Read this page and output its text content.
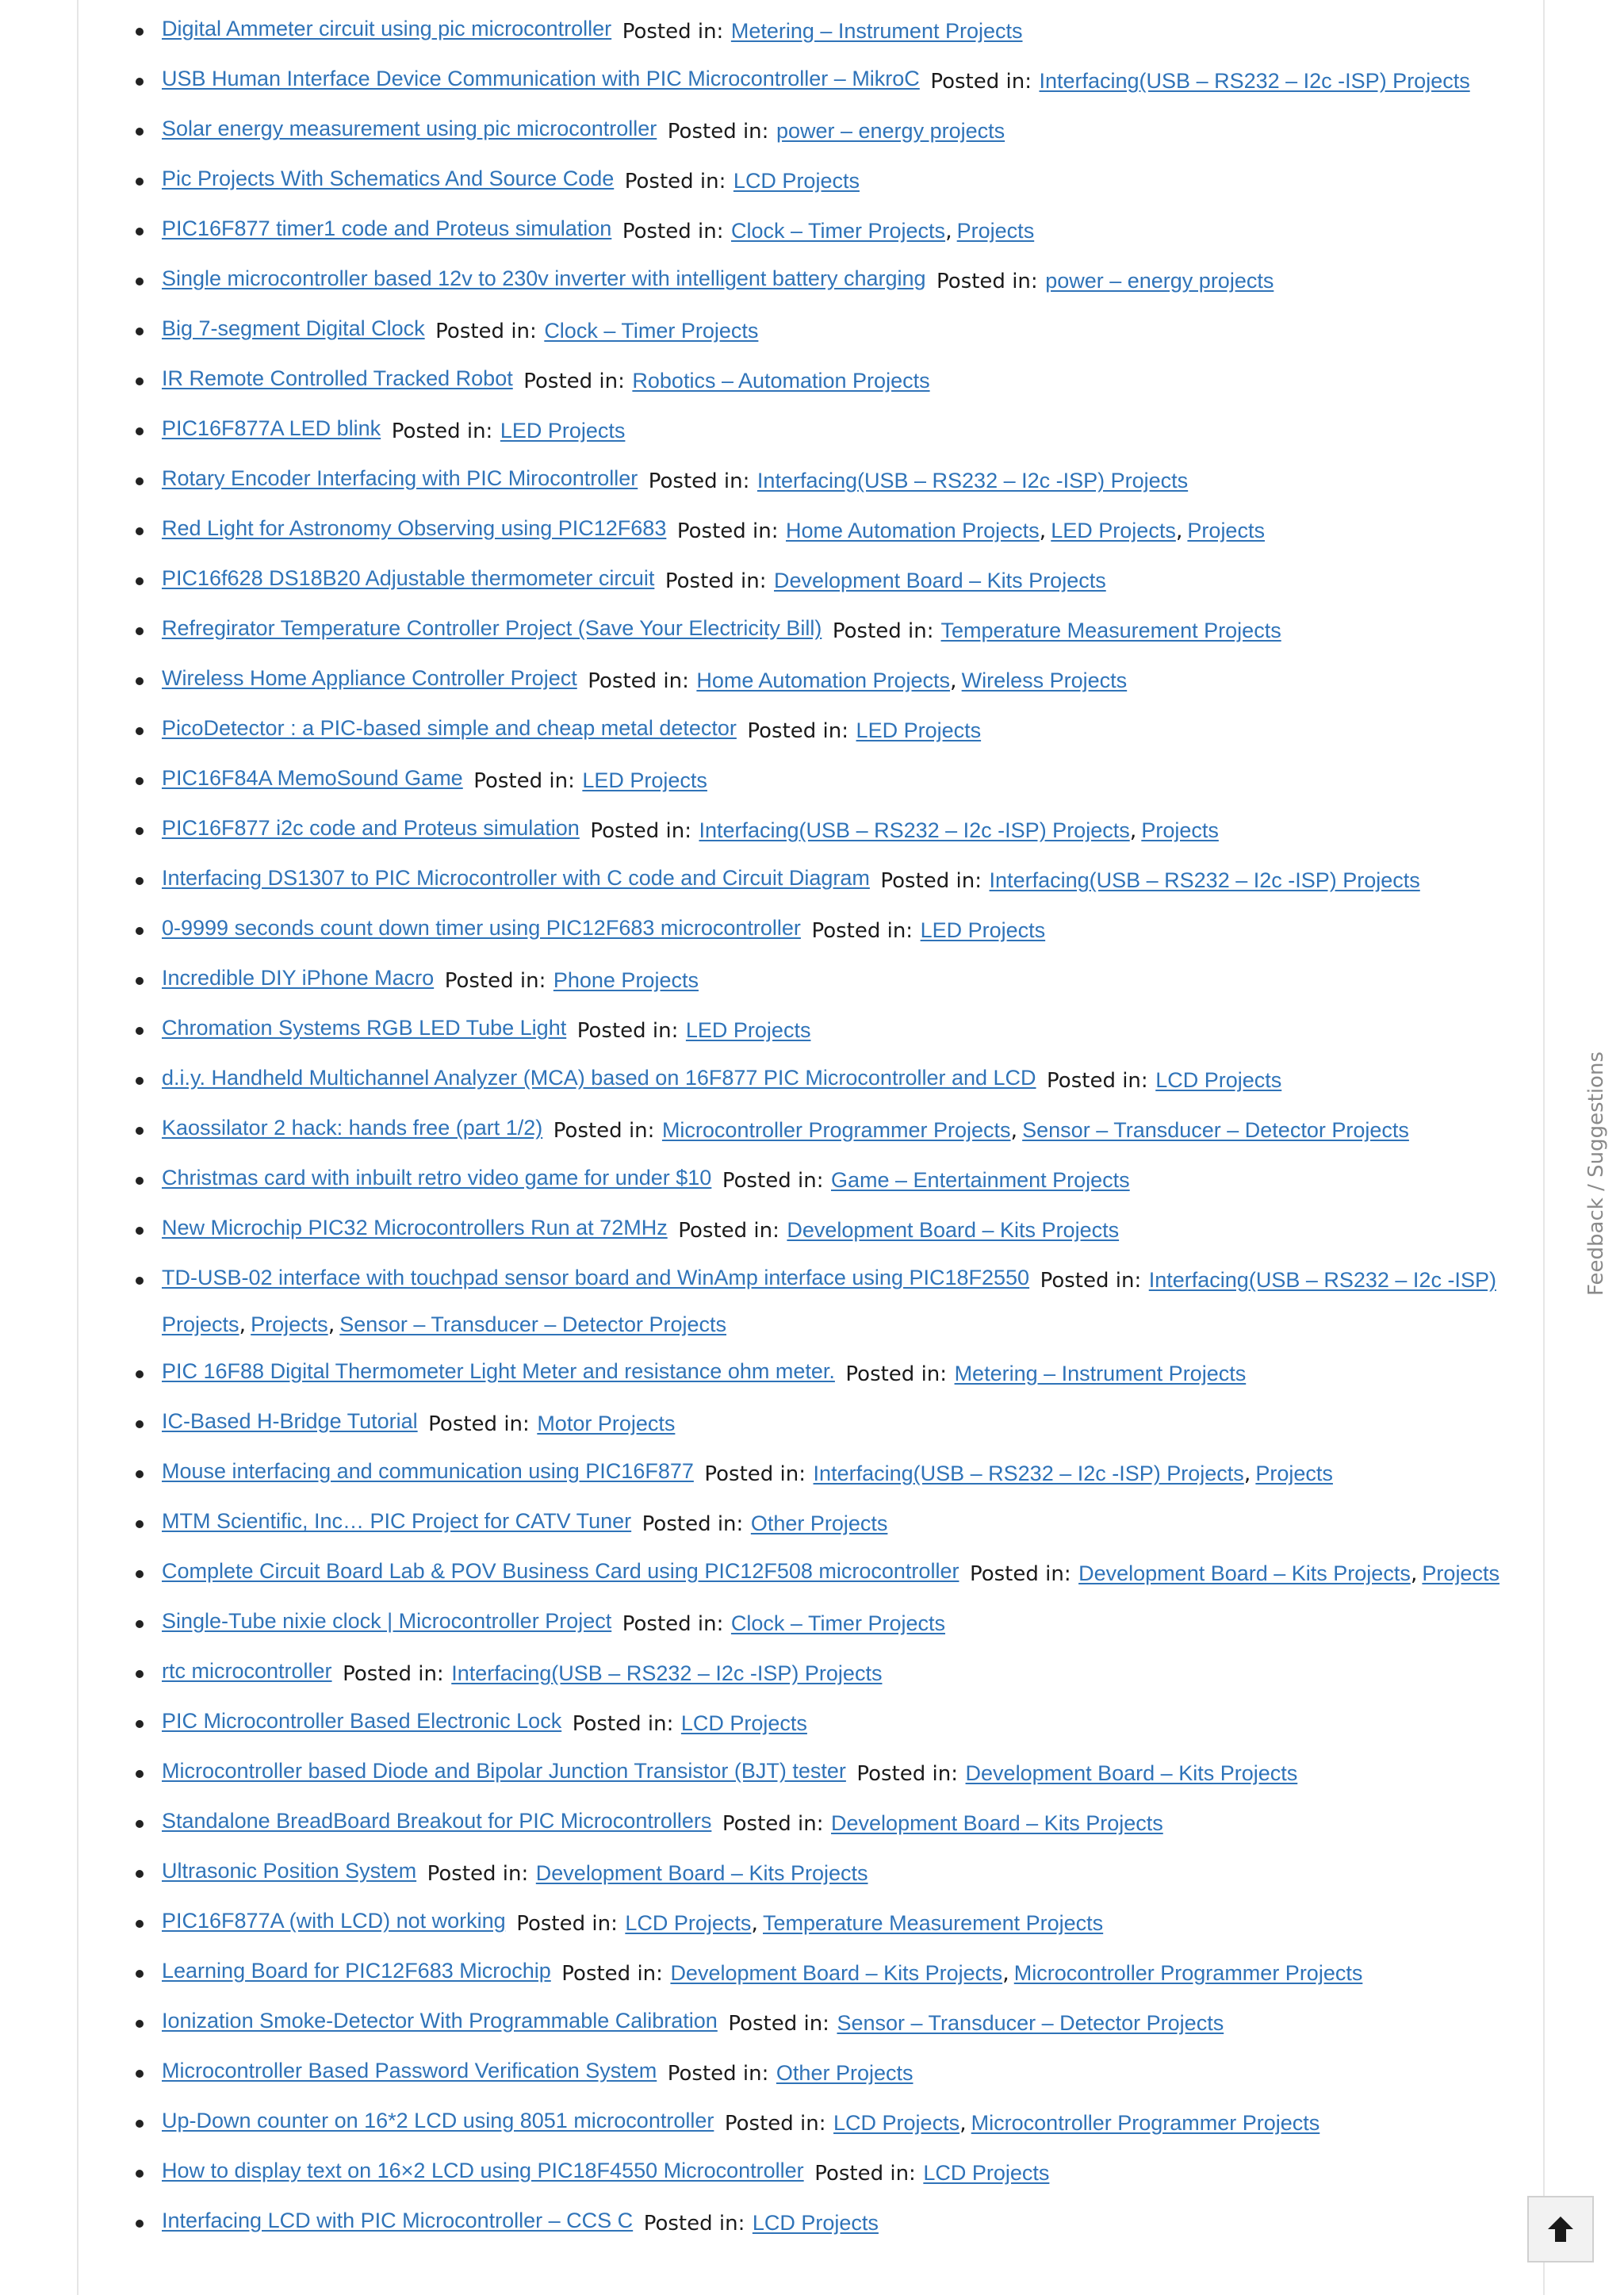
Digital Ammeter circuit using pic microcontroller Posted in: Metering – Instrument Projects
USB Human Interface Device Communication with PIC Microcontroller – MikroC Posted in: Interfacing(USB – RS232 – I2c -ISP) Projects
Solar energy measurement using pic microcontroller Posted in: power – energy projects
Pic Projects With Schematics And Source Code Posted in: LCD Projects
PIC16F877 timer1 code and Proteus simulation Posted in: Clock – Timer Projects, Projects
Single microcontroller based 12v to 230v inverter with intelligent battery charging Posted in: power – energy projects
Big 7-segment Digital Clock Posted in: Clock – Timer Projects
IR Remote Controlled Tracked Robot Posted in: Robotics – Automation Projects
PIC16F877A LED blink Posted in: LED Projects
Rotary Encoder Interfacing with PIC Mirocontroller Posted in: Interfacing(USB – RS232 – I2c -ISP) Projects
Red Light for Astronomy Observing using PIC12F683 Posted in: Home Automation Projects, LED Projects, Projects
PIC16f628 DS18B20 Adjustable thermometer circuit Posted in: Development Board – Kits Projects
Refregirator Temperature Controller Project (Save Your Electricity Bill) Posted in: Temperature Measurement Projects
Wireless Home Appliance Controller Project Posted in: Home Automation Projects, Wireless Projects
PicoDetector : a PIC-based simple and cheap metal detector Posted in: LED Projects
PIC16F84A MemoSound Game Posted in: LED Projects
PIC16F877 i2c code and Proteus simulation Posted in: Interfacing(USB – RS232 – I2c -ISP) Projects, Projects
Interfacing DS1307 to PIC Microcontroller with C code and Circuit Diagram Posted in: Interfacing(USB – RS232 – I2c -ISP) Projects
0-9999 seconds count down timer using PIC12F683 microcontroller Posted in: LED Projects
Incredible DIY iPhone Macro Posted in: Phone Projects
Chromation Systems RGB LED Tube Light Posted in: LED Projects
d.i.y. Handheld Multichannel Analyzer (MCA) based on 16F877 PIC Microcontroller and LCD Posted in: LCD Projects
Kaossilator 2 hack: hands free (part 1/2) Posted in: Microcontroller Programmer Projects, Sensor – Transducer – Detector Projects
Christmas card with inbuilt retro video game for under $10 Posted in: Game – Entertainment Projects
New Microchip PIC32 Microcontrollers Run at 72MHz Posted in: Development Board – Kits Projects
TD-USB-02 interface with touchpad sensor board and WinAmp interface using PIC18F2550 Posted in: Interfacing(USB – RS232 – I2c -ISP) Projects, Projects, Sensor – Transducer – Detector Projects
PIC 16F88 Digital Thermometer Light Meter and resistance ohm meter. Posted in: Metering – Instrument Projects
IC-Based H-Bridge Tutorial Posted in: Motor Projects
Mouse interfacing and communication using PIC16F877 Posted in: Interfacing(USB – RS232 – I2c -ISP) Projects, Projects
MTM Scientific, Inc… PIC Project for CATV Tuner Posted in: Other Projects
Complete Circuit Board Lab & POV Business Card using PIC12F508 microcontroller Posted in: Development Board – Kits Projects, Projects
Single-Tube nixie clock | Microcontroller Project Posted in: Clock – Timer Projects
rtc microcontroller Posted in: Interfacing(USB – RS232 – I2c -ISP) Projects
PIC Microcontroller Based Electronic Lock Posted in: LCD Projects
Microcontroller based Diode and Bipolar Junction Transistor (BJT) tester Posted in: Development Board – Kits Projects
Standalone BreadBoard Breakout for PIC Microcontrollers Posted in: Development Board – Kits Projects
Ultrasonic Position System Posted in: Development Board – Kits Projects
PIC16F877A (with LCD) not working Posted in: LCD Projects, Temperature Measurement Projects
Learning Board for PIC12F683 Microchip Posted in: Development Board – Kits Projects, Microcontroller Programmer Projects
Ionization Smoke-Detector With Programmable Calibration Posted in: Sensor – Transducer – Detector Projects
Microcontroller Based Password Verification System Posted in: Other Projects
Up-Down counter on 16*2 LCD using 8051 microcontroller Posted in: LCD Projects, Microcontroller Programmer Projects
How to display text on 16×2 LCD using PIC18F4550 Microcontroller Posted in: LCD Projects
Interfacing LCD with PIC Microcontroller – CCS C Posted in: LCD Projects
Feedback / Suggestions
